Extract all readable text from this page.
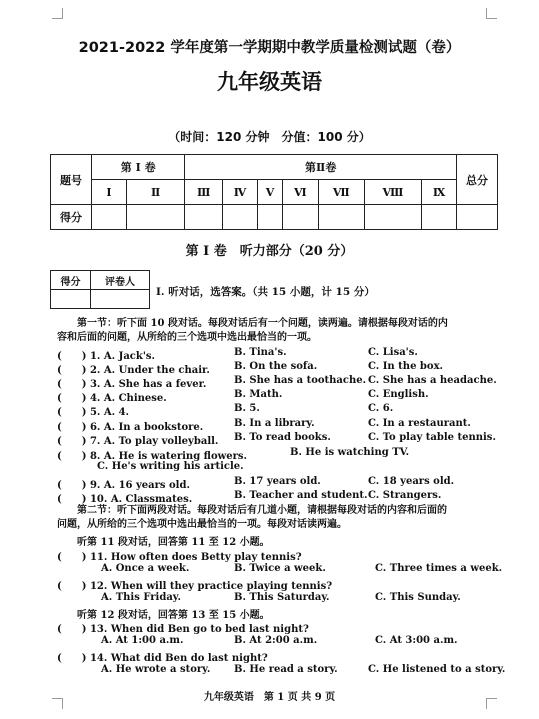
2021-2022 学年度第一学期期中教学质量检测试题（卷）
九年级英语
（时间：120 分钟　分值：100 分）
题号	第 I 卷		第Ⅱ卷							总分
	I	Ⅱ	Ⅲ	Ⅳ	V	Ⅵ	Ⅶ	Ⅷ	Ⅸ	
得分										
第 I 卷　听力部分（20 分）
得分	评卷人

I. 听对话，选答案。（共 15 小题，计 15 分）
第一节：听下面 10 段对话。每段对话后有一个问题，读两遍。请根据每段对话的内
容和后面的问题，从所给的三个选项中选出最恰当的一项。
(　　) 1. A. Jack's.	B. Tina's.	C. Lisa's.
(　　) 2. A. Under the chair. B. On the sofa.	C. In the box.
(　　) 3. A. She has a fever.	B. She has a toothache. C. She has a headache.
(　　) 4. A. Chinese.	B. Math.	C. English.
(　　) 5. A. 4.	B. 5.	C. 6.
(　　) 6. A. In a bookstore.	B. In a library.	C. In a restaurant.
(　　) 7. A. To play volleyball. B. To read books.	C. To play table tennis.
(　　) 8. A. He is watering flowers.	B. He is watching TV.
C. He's writing his article.
(　　) 9. A. 16 years old.	B. 17 years old.	C. 18 years old.
(　　) 10. A. Classmates.	B. Teacher and student. C. Strangers.
第二节：听下面两段对话。每段对话后有几道小题，请根据每段对话的内容和后面的
问题，从所给的三个选项中选出最恰当的一项。每段对话读两遍。
听第 11 段对话，回答第 11 至 12 小题。
(　　) 11. How often does Betty play tennis?
A. Once a week.	B. Twice a week.	C. Three times a week.
(　　) 12. When will they practice playing tennis?
A. This Friday.	B. This Saturday.	C. This Sunday.
听第 12 段对话，回答第 13 至 15 小题。
(　　) 13. When did Ben go to bed last night?
A. At 1:00 a.m.	B. At 2:00 a.m.	C. At 3:00 a.m.
(　　) 14. What did Ben do last night?
A. He wrote a story. B. He read a story.	C. He listened to a story.
九年级英语　第 1 页 共 9 页
